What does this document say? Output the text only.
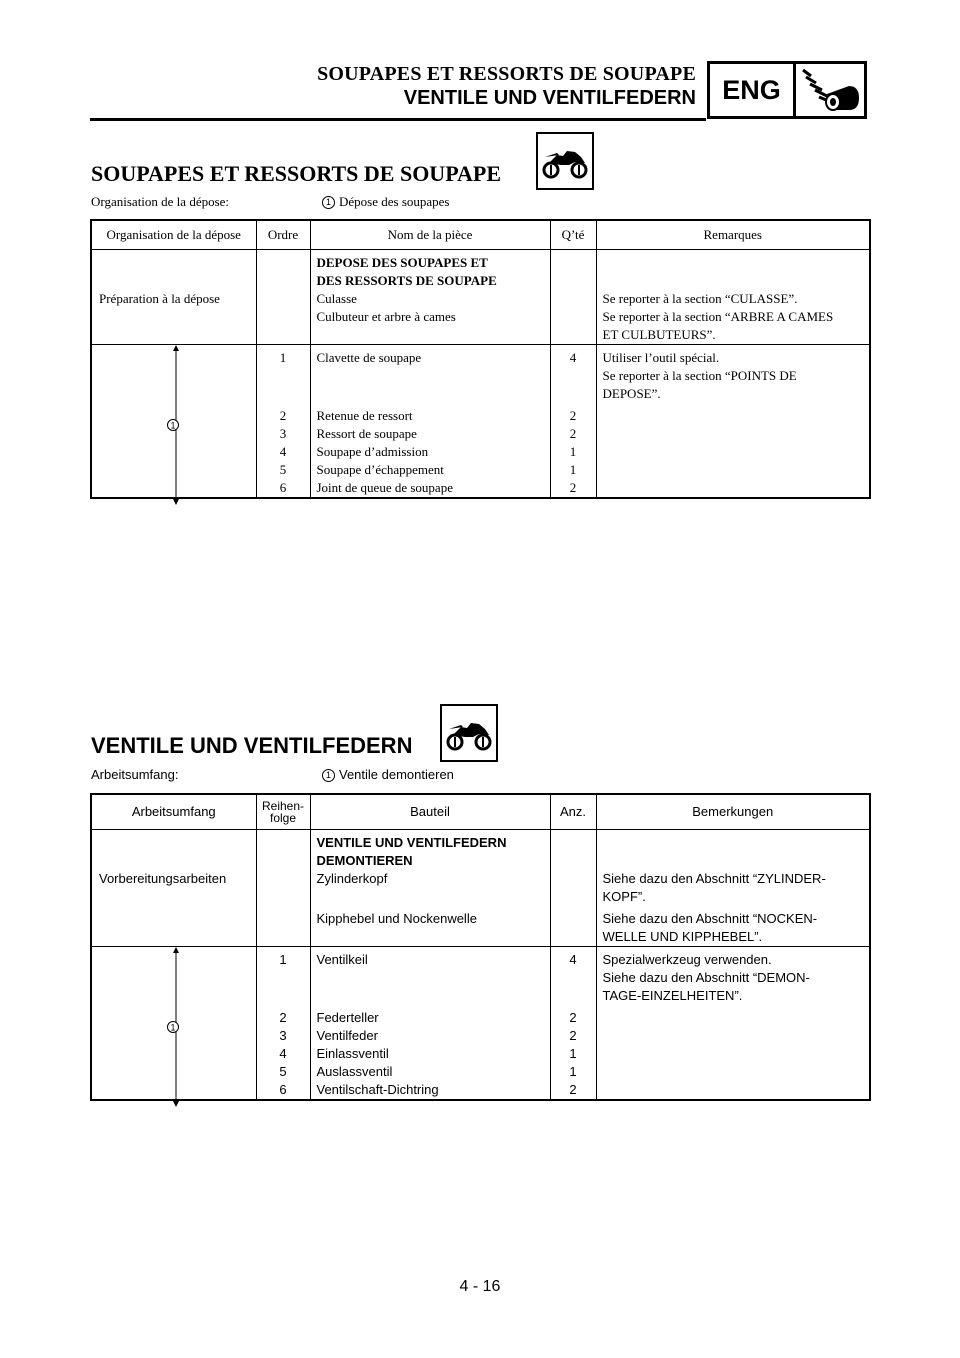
SOUPAPES ET RESSORTS DE SOUPAPE
VENTILE UND VENTILFEDERN ENG
SOUPAPES ET RESSORTS DE SOUPAPE
Organisation de la dépose:	1 Dépose des soupapes
Organisation de la dépose	Ordre	Nom de la pièce	Q’té	Remarques
		DEPOSE DES SOUPAPES ET
DES RESSORTS DE SOUPAPE		
Préparation à la dépose		Culasse		Se reporter à la section “CULASSE”.
		Culbuteur et arbre à cames		Se reporter à la section “ARBRE A CAMES
ET CULBUTEURS”.

1	1	Clavette de soupape	4	Utiliser l’outil spécial.
Se reporter à la section “POINTS DE
DEPOSE”.
	2	Retenue de ressort	2	
	3	Ressort de soupape	2	
	4	Soupape d’admission	1	
	5	Soupape d’échappement	1	
	6	Joint de queue de soupape	2	
VENTILE UND VENTILFEDERN
Arbeitsumfang:	1 Ventile demontieren
Arbeitsumfang	Reihen-
folge	Bauteil	Anz.	Bemerkungen
		VENTILE UND VENTILFEDERN
DEMONTIEREN		
Vorbereitungsarbeiten		Zylinderkopf		Siehe dazu den Abschnitt “ZYLINDER-
KOPF”.
		Kipphebel und Nockenwelle		Siehe dazu den Abschnitt “NOCKEN-
WELLE UND KIPPHEBEL”.

1	1	Ventilkeil	4	Spezialwerkzeug verwenden.
Siehe dazu den Abschnitt “DEMON-
TAGE-EINZELHEITEN”.
	2	Federteller	2	
	3	Ventilfeder	2	
	4	Einlassventil	1	
	5	Auslassventil	1	
	6	Ventilschaft-Dichtring	2	
4 - 16
